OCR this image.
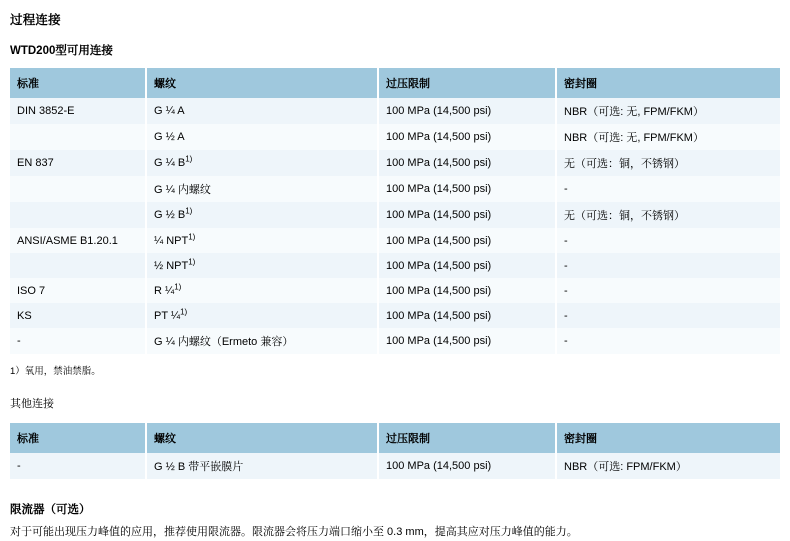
过程连接
WTD200型可用连接
标准	螺纹	过压限制	密封圈
DIN 3852-E	G ¼ A	100 MPa (14,500 psi)	NBR（可选: 无, FPM/FKM）
	G ½ A	100 MPa (14,500 psi)	NBR（可选: 无, FPM/FKM）
EN 837	G ¼ $B^{1)}$	100 MPa (14,500 psi)	无（可选：铜，不锈钢）
	G ¼ 内螺纹	100 MPa (14,500 psi)	-
	G ½ $B^{1)}$	100 MPa (14,500 psi)	无（可选：铜，不锈钢）
ANSI/ASME B1.20.1	¼ NPT$^{1)}$	100 MPa (14,500 psi)	-
	½ NPT$^{1)}$	100 MPa (14,500 psi)	-
ISO 7	R ¼$^{1)}$	100 MPa (14,500 psi)	-
KS	PT ¼$^{1)}$	100 MPa (14,500 psi)	-
-	G ¼ 内螺纹（Ermeto 兼容）	100 MPa (14,500 psi)	-

1）氧用，禁油禁脂。

其他连接
标准	螺纹	过压限制	密封圈
-	G ½ B 带平嵌膜片	100 MPa (14,500 psi)	NBR（可选: FPM/FKM）
限流器（可选）

对于可能出现压力峰值的应用，推荐使用限流器。限流器会将压力端口缩小至 0.3 mm，提高其应对压力峰值的能力。
